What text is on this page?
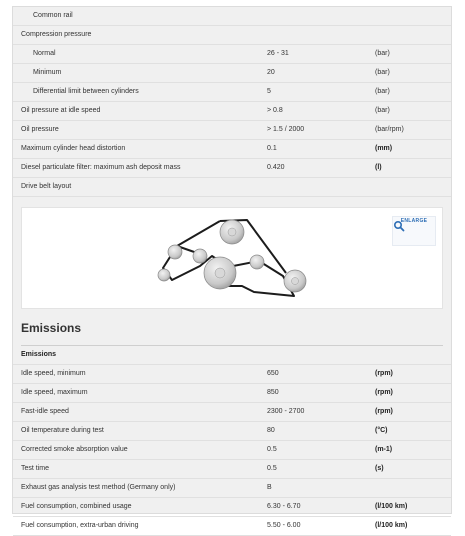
Common rail
Compression pressure
Normal	26 - 31	(bar)
Minimum	20	(bar)
Differential limit between cylinders	5	(bar)
Oil pressure at idle speed	> 0.8	(bar)
Oil pressure	> 1.5 / 2000	(bar/rpm)
Maximum cylinder head distortion	0.1	(mm)
Diesel particulate filter: maximum ash deposit mass	0.420	(l)
Drive belt layout
ENLARGE
Emissions
Emissions
Idle speed, minimum	650	(rpm)
Idle speed, maximum	850	(rpm)
Fast-idle speed	2300 - 2700	(rpm)
Oil temperature during test	80	(°C)
Corrected smoke absorption value	0.5	(m-1)
Test time	0.5	(s)
Exhaust gas analysis test method (Germany only)	B
Fuel consumption, combined usage	6.30 - 6.70	(l/100 km)
Fuel consumption, extra-urban driving	5.50 - 6.00	(l/100 km)
